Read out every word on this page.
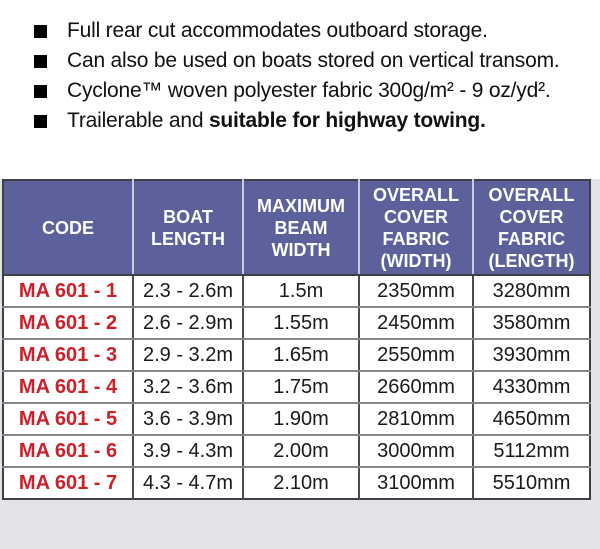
Full rear cut accommodates outboard storage.
Can also be used on boats stored on vertical transom.
Cyclone™ woven polyester fabric 300g/m² - 9 oz/yd².
Trailerable and suitable for highway towing.
CODE	BOAT LENGTH	MAXIMUM BEAM WIDTH	OVERALL COVER FABRIC (WIDTH)	OVERALL COVER FABRIC (LENGTH)
MA 601 - 1	2.3 - 2.6m	1.5m	2350mm	3280mm
MA 601 - 2	2.6 - 2.9m	1.55m	2450mm	3580mm
MA 601 - 3	2.9 - 3.2m	1.65m	2550mm	3930mm
MA 601 - 4	3.2 - 3.6m	1.75m	2660mm	4330mm
MA 601 - 5	3.6 - 3.9m	1.90m	2810mm	4650mm
MA 601 - 6	3.9 - 4.3m	2.00m	3000mm	5112mm
MA 601 - 7	4.3 - 4.7m	2.10m	3100mm	5510mm
